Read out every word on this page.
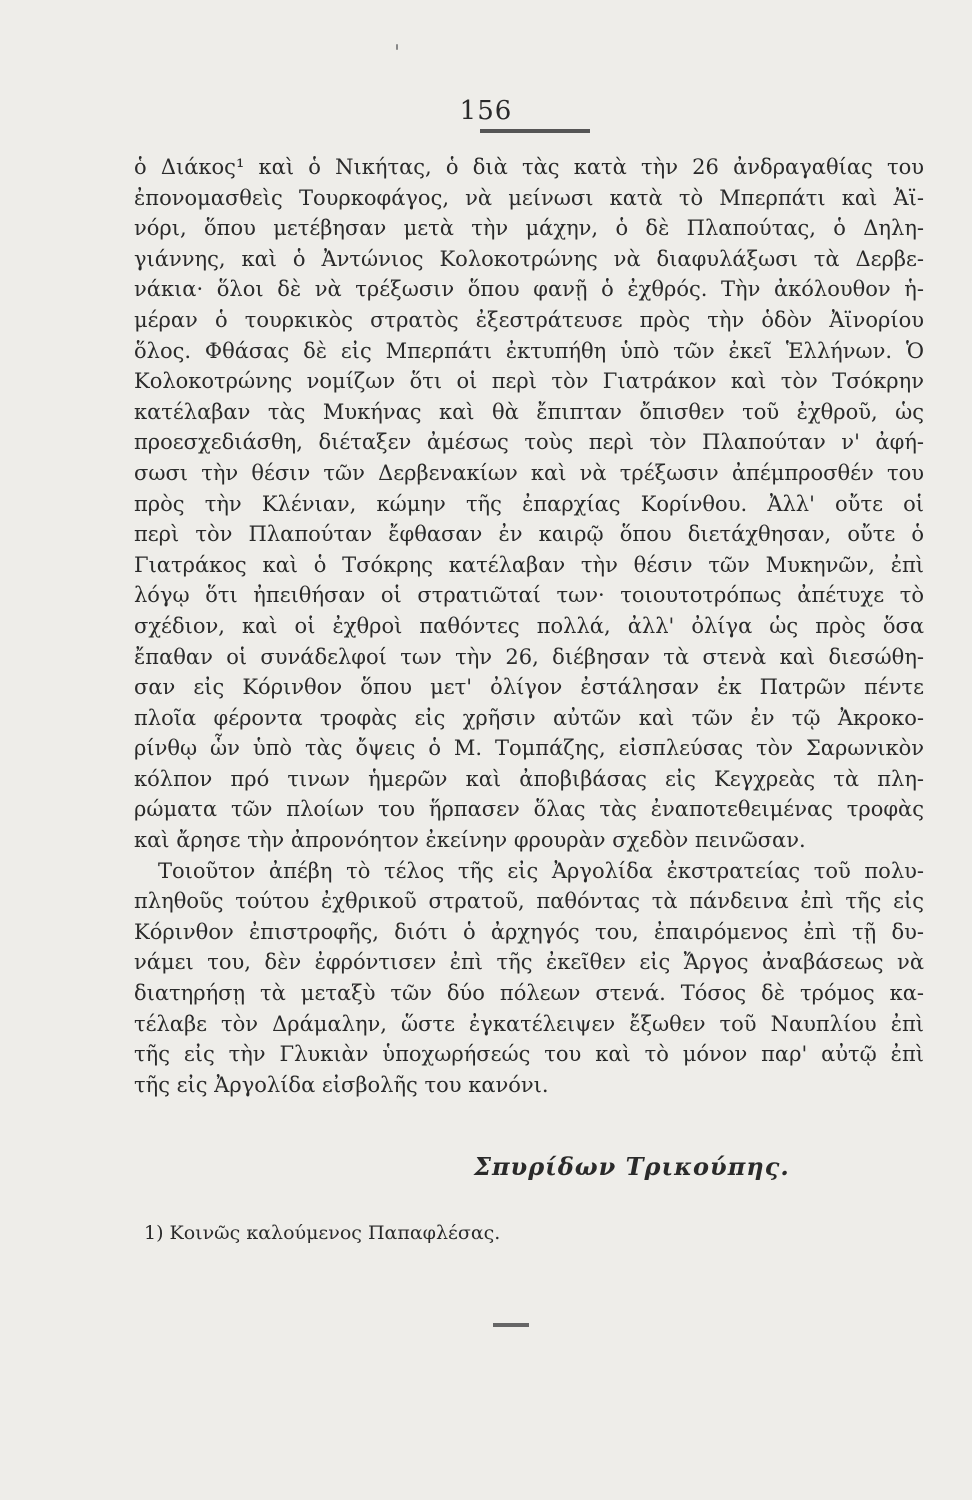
156
ὁ Διάκος¹ καὶ ὁ Νικήτας, ὁ διὰ τὰς κατὰ τὴν 26 ἀνδραγαθίας του
ἐπονομασθεὶς Τουρκοφάγος, νὰ μείνωσι κατὰ τὸ Μπερπάτι καὶ Ἀϊ-
νόρι, ὅπου μετέβησαν μετὰ τὴν μάχην, ὁ δὲ Πλαπούτας, ὁ Δηλη-
γιάννης, καὶ ὁ Ἀντώνιος Κολοκοτρώνης νὰ διαφυλάξωσι τὰ Δερβε-
νάκια· ὅλοι δὲ νὰ τρέξωσιν ὅπου φανῇ ὁ ἐχθρός. Τὴν ἀκόλουθον ἡ-
μέραν ὁ τουρκικὸς στρατὸς ἐξεστράτευσε πρὸς τὴν ὁδὸν Ἀϊνορίου
ὅλος. Φθάσας δὲ εἰς Μπερπάτι ἐκτυπήθη ὑπὸ τῶν ἐκεῖ Ἑλλήνων. Ὁ
Κολοκοτρώνης νομίζων ὅτι οἱ περὶ τὸν Γιατράκον καὶ τὸν Τσόκρην
κατέλαβαν τὰς Μυκήνας καὶ θὰ ἔπιπταν ὄπισθεν τοῦ ἐχθροῦ, ὡς
προεσχεδιάσθη, διέταξεν ἀμέσως τοὺς περὶ τὸν Πλαπούταν ν' ἀφή-
σωσι τὴν θέσιν τῶν Δερβενακίων καὶ νὰ τρέξωσιν ἀπέμπροσθέν του
πρὸς τὴν Κλένιαν, κώμην τῆς ἐπαρχίας Κορίνθου. Ἀλλ' οὔτε οἱ
περὶ τὸν Πλαπούταν ἔφθασαν ἐν καιρῷ ὅπου διετάχθησαν, οὔτε ὁ
Γιατράκος καὶ ὁ Τσόκρης κατέλαβαν τὴν θέσιν τῶν Μυκηνῶν, ἐπὶ
λόγῳ ὅτι ἠπειθήσαν οἱ στρατιῶταί των· τοιουτοτρόπως ἀπέτυχε τὸ
σχέδιον, καὶ οἱ ἐχθροὶ παθόντες πολλά, ἀλλ' ὀλίγα ὡς πρὸς ὅσα
ἔπαθαν οἱ συνάδελφοί των τὴν 26, διέβησαν τὰ στενὰ καὶ διεσώθη-
σαν εἰς Κόρινθον ὅπου μετ' ὀλίγον ἐστάλησαν ἐκ Πατρῶν πέντε
πλοῖα φέροντα τροφὰς εἰς χρῆσιν αὐτῶν καὶ τῶν ἐν τῷ Ἀκροκο-
ρίνθῳ ὧν ὑπὸ τὰς ὄψεις ὁ Μ. Τομπάζης, εἰσπλεύσας τὸν Σαρωνικὸν
κόλπον πρό τινων ἡμερῶν καὶ ἀποβιβάσας εἰς Κεγχρεὰς τὰ πλη-
ρώματα τῶν πλοίων του ἥρπασεν ὅλας τὰς ἐναποτεθειμένας τροφὰς
καὶ ἄρησε τὴν ἀπρονόητον ἐκείνην φρουρὰν σχεδὸν πεινῶσαν.
Τοιοῦτον ἀπέβη τὸ τέλος τῆς εἰς Ἀργολίδα ἐκστρατείας τοῦ πολυ-
πληθοῦς τούτου ἐχθρικοῦ στρατοῦ, παθόντας τὰ πάνδεινα ἐπὶ τῆς εἰς
Κόρινθον ἐπιστροφῆς, διότι ὁ ἀρχηγός του, ἐπαιρόμενος ἐπὶ τῇ δυ-
νάμει του, δὲν ἐφρόντισεν ἐπὶ τῆς ἐκεῖθεν εἰς Ἄργος ἀναβάσεως νὰ
διατηρήσῃ τὰ μεταξὺ τῶν δύο πόλεων στενά. Τόσος δὲ τρόμος κα-
τέλαβε τὸν Δράμαλην, ὥστε ἐγκατέλειψεν ἔξωθεν τοῦ Ναυπλίου ἐπὶ
τῆς εἰς τὴν Γλυκιὰν ὑποχωρήσεώς του καὶ τὸ μόνον παρ' αὐτῷ ἐπὶ
τῆς εἰς Ἀργολίδα εἰσβολῆς του κανόνι.
Σπυρίδων Τρικούπης.
1) Κοινῶς καλούμενος Παπαφλέσας.
